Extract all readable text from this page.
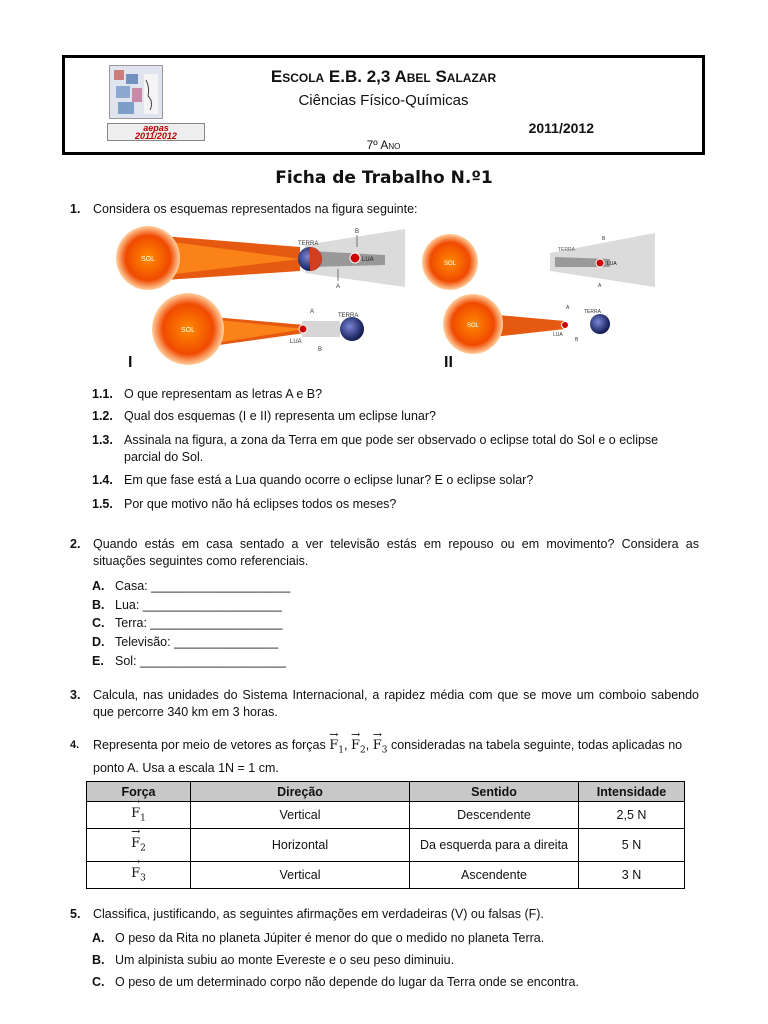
aepas
2011/2012
Escola E.B. 2,3 Abel Salazar
Ciências Físico-Químicas
2011/2012
7º Ano
Ficha de Trabalho N.º1
1. Considera os esquemas representados na figura seguinte:
SOL
TERRA
LUA
B
A
SOL	LUA
TERRA
B
A
SOL
TERRA
LUA
A
B
SOL
TERRA
LUA
A
B
I	II
1.1. O que representam as letras A e B?
1.2. Qual dos esquemas (I e II) representa um eclipse lunar?
1.3. Assinala na figura, a zona da Terra em que pode ser observado o eclipse total do Sol e o eclipse parcial do Sol.
1.4. Em que fase está a Lua quando ocorre o eclipse lunar? E o eclipse solar?
1.5. Por que motivo não há eclipses todos os meses?
2. Quando estás em casa sentado a ver televisão estás em repouso ou em movimento? Considera as situações seguintes como referenciais.
A. Casa: ____________________
B. Lua: ____________________
C. Terra: ___________________
D. Televisão: _______________
E. Sol: _____________________
3. Calcula, nas unidades do Sistema Internacional, a rapidez média com que se move um comboio sabendo que percorre 340 km em 3 horas.
4. Representa por meio de vetores as forças → $F_1$, → $F_2$, → $F_3$ consideradas na tabela seguinte, todas aplicadas no ponto A. Usa a escala 1N = 1 cm.
Força	Direção	Sentido	Intensidade
→ $F_1$	Vertical	Descendente	2,5 N
→ $F_2$	Horizontal	Da esquerda para a direita	5 N
→ $F_3$	Vertical	Ascendente	3 N
5. Classifica, justificando, as seguintes afirmações em verdadeiras (V) ou falsas (F).
A. O peso da Rita no planeta Júpiter é menor do que o medido no planeta Terra.
B. Um alpinista subiu ao monte Evereste e o seu peso diminuiu.
C. O peso de um determinado corpo não depende do lugar da Terra onde se encontra.
